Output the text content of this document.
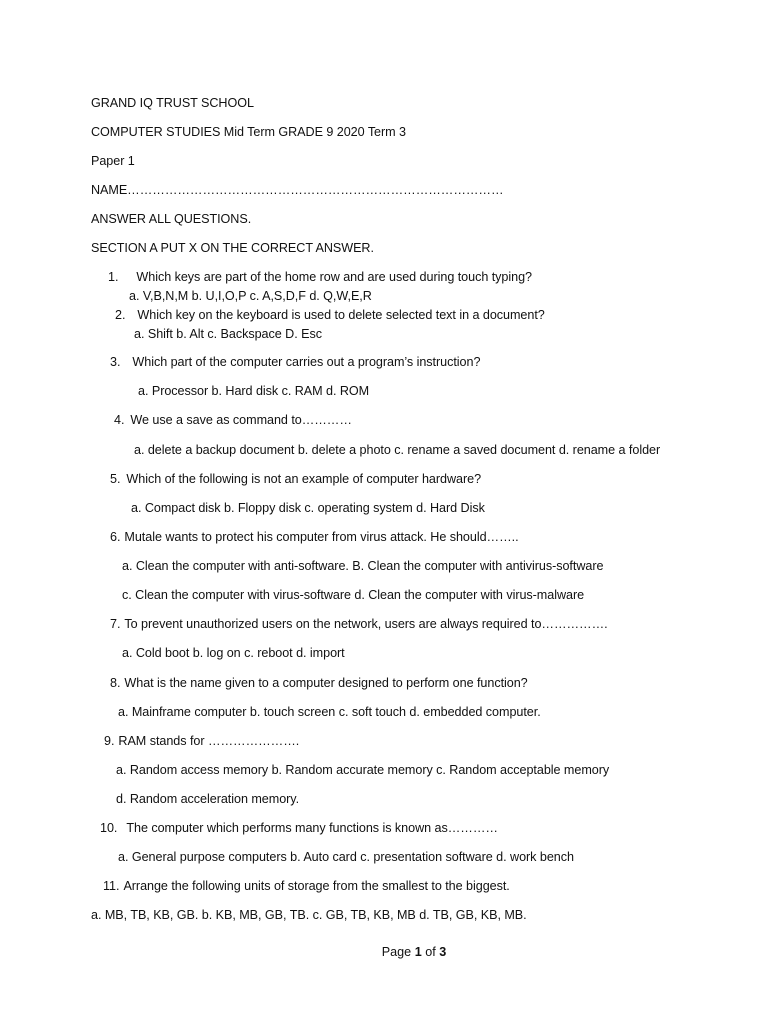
GRAND IQ TRUST SCHOOL
COMPUTER STUDIES Mid Term GRADE 9 2020 Term 3
Paper 1
NAME………………………………………………………………………………
ANSWER ALL QUESTIONS.
SECTION A PUT X ON THE CORRECT ANSWER.
1. Which keys are part of the home row and are used during touch typing?
a. V,B,N,M b. U,I,O,P c. A,S,D,F d. Q,W,E,R
2. Which key on the keyboard is used to delete selected text in a document?
a. Shift b. Alt c. Backspace D. Esc
3. Which part of the computer carries out a program’s instruction?
a. Processor b. Hard disk c. RAM d. ROM
4. We use a save as command to…………
a. delete a backup document b. delete a photo c. rename a saved document d. rename a folder
5. Which of the following is not an example of computer hardware?
a. Compact disk b. Floppy disk c. operating system d. Hard Disk
6. Mutale wants to protect his computer from virus attack. He should……..
a. Clean the computer with anti-software. B. Clean the computer with antivirus-software
c. Clean the computer with virus-software d. Clean the computer with virus-malware
7. To prevent unauthorized users on the network, users are always required to…………….
a. Cold boot b. log on c. reboot d. import
8. What is the name given to a computer designed to perform one function?
a. Mainframe computer b. touch screen c. soft touch d. embedded computer.
9. RAM stands for ………………….
a. Random access memory b. Random accurate memory c. Random acceptable memory
d. Random acceleration memory.
10. The computer which performs many functions is known as…………
a. General purpose computers b. Auto card c. presentation software d. work bench
11. Arrange the following units of storage from the smallest to the biggest.
a. MB, TB, KB, GB. b. KB, MB, GB, TB. c. GB, TB, KB, MB d. TB, GB, KB, MB.
Page 1 of 3
